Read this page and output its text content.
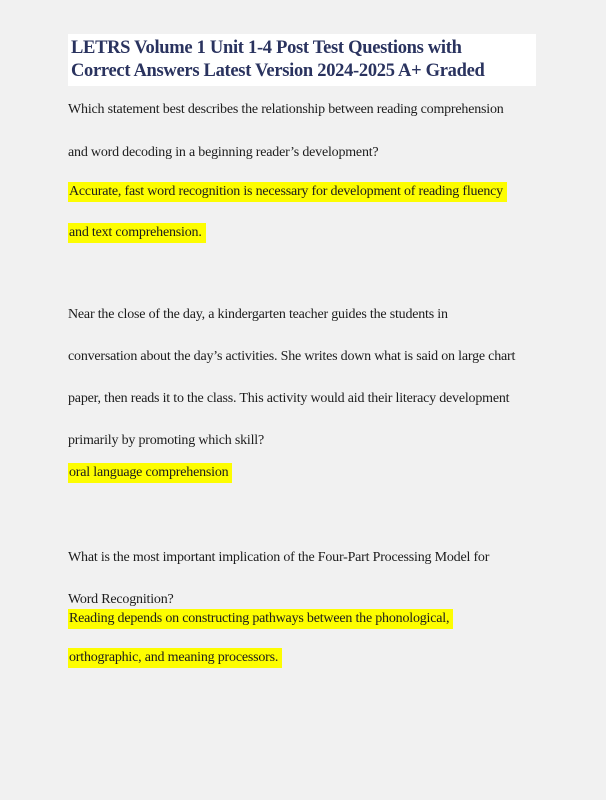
LETRS Volume 1 Unit 1-4 Post Test Questions with
Correct Answers Latest Version 2024-2025 A+ Graded
Which statement best describes the relationship between reading comprehension
and word decoding in a beginning reader’s development?
Accurate, fast word recognition is necessary for development of reading fluency
and text comprehension.
Near the close of the day, a kindergarten teacher guides the students in
conversation about the day’s activities. She writes down what is said on large chart
paper, then reads it to the class. This activity would aid their literacy development
primarily by promoting which skill?
oral language comprehension
What is the most important implication of the Four-Part Processing Model for
Word Recognition?
Reading depends on constructing pathways between the phonological,
orthographic, and meaning processors.
